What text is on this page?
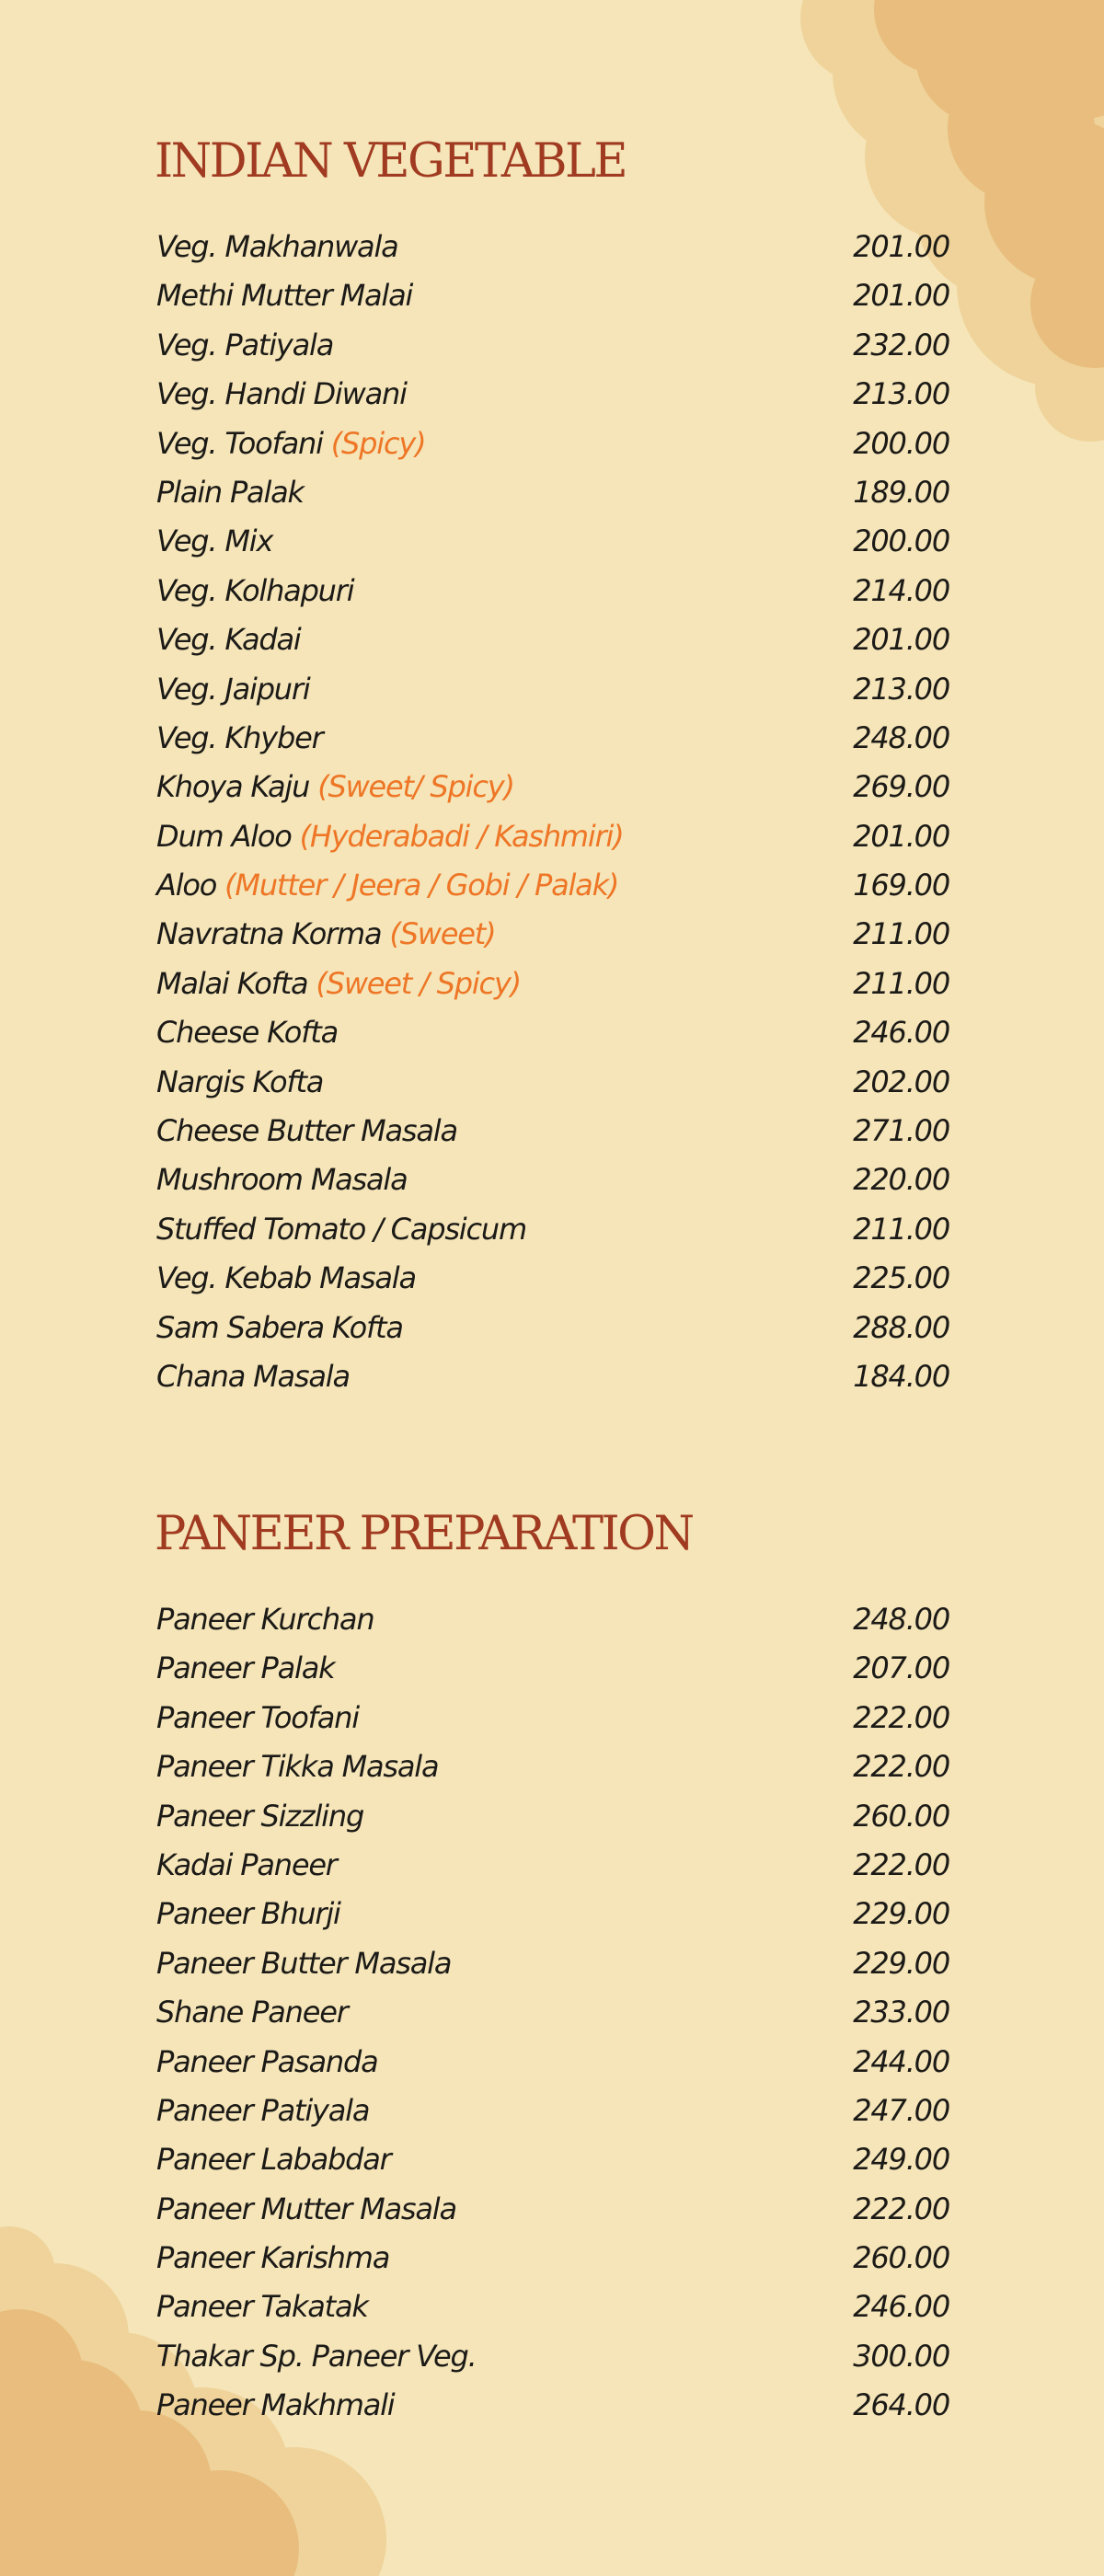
INDIAN VEGETABLE
Veg. Makhanwala	201.00
Methi Mutter Malai	201.00
Veg. Patiyala	232.00
Veg. Handi Diwani	213.00
Veg. Toofani (Spicy)	200.00
Plain Palak	189.00
Veg. Mix	200.00
Veg. Kolhapuri	214.00
Veg. Kadai	201.00
Veg. Jaipuri	213.00
Veg. Khyber	248.00
Khoya Kaju (Sweet/ Spicy)	269.00
Dum Aloo (Hyderabadi / Kashmiri)	201.00
Aloo (Mutter / Jeera / Gobi / Palak)	169.00
Navratna Korma (Sweet)	211.00
Malai Kofta (Sweet / Spicy)	211.00
Cheese Kofta	246.00
Nargis Kofta	202.00
Cheese Butter Masala	271.00
Mushroom Masala	220.00
Stuffed Tomato / Capsicum	211.00
Veg. Kebab Masala	225.00
Sam Sabera Kofta	288.00
Chana Masala	184.00
PANEER PREPARATION
Paneer Kurchan	248.00
Paneer Palak	207.00
Paneer Toofani	222.00
Paneer Tikka Masala	222.00
Paneer Sizzling	260.00
Kadai Paneer	222.00
Paneer Bhurji	229.00
Paneer Butter Masala	229.00
Shane Paneer	233.00
Paneer Pasanda	244.00
Paneer Patiyala	247.00
Paneer Lababdar	249.00
Paneer Mutter Masala	222.00
Paneer Karishma	260.00
Paneer Takatak	246.00
Thakar Sp. Paneer Veg.	300.00
Paneer Makhmali	264.00
